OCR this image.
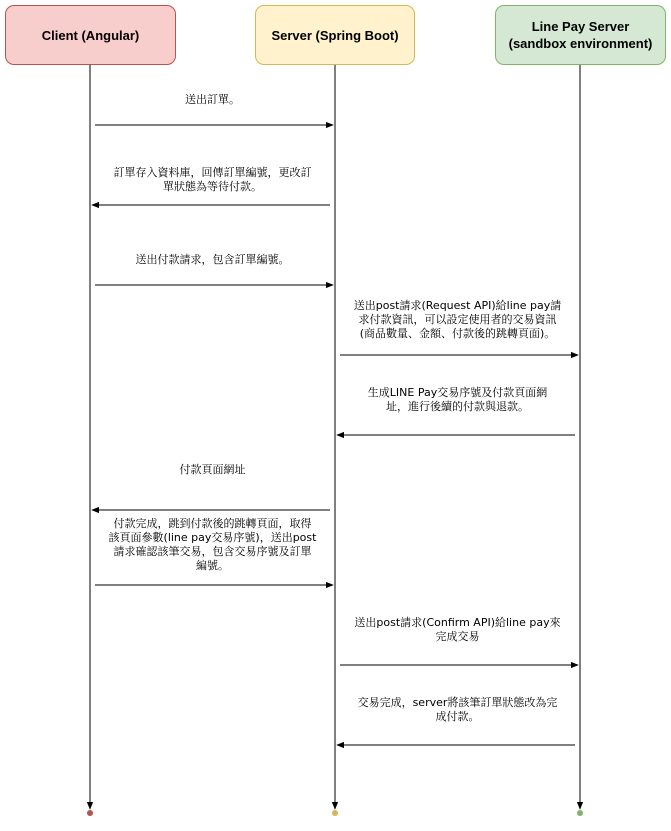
Client (Angular)	Server (Spring Boot)
Line Pay Server
(sandbox environment)
送出訂單。
訂單存入資料庫，回傳訂單編號，更改訂
單狀態為等待付款。
送出付款請求，包含訂單編號。
送出post請求(Request API)給line pay請
求付款資訊，可以設定使用者的交易資訊
(商品數量、金額、付款後的跳轉頁面)。
生成LINE Pay交易序號及付款頁面網
址，進行後續的付款與退款。
付款頁面網址
付款完成，跳到付款後的跳轉頁面，取得
該頁面參數(line pay交易序號)，送出post
請求確認該筆交易，包含交易序號及訂單
編號。
送出post請求(Confirm API)給line pay來
完成交易
交易完成，server將該筆訂單狀態改為完
成付款。
